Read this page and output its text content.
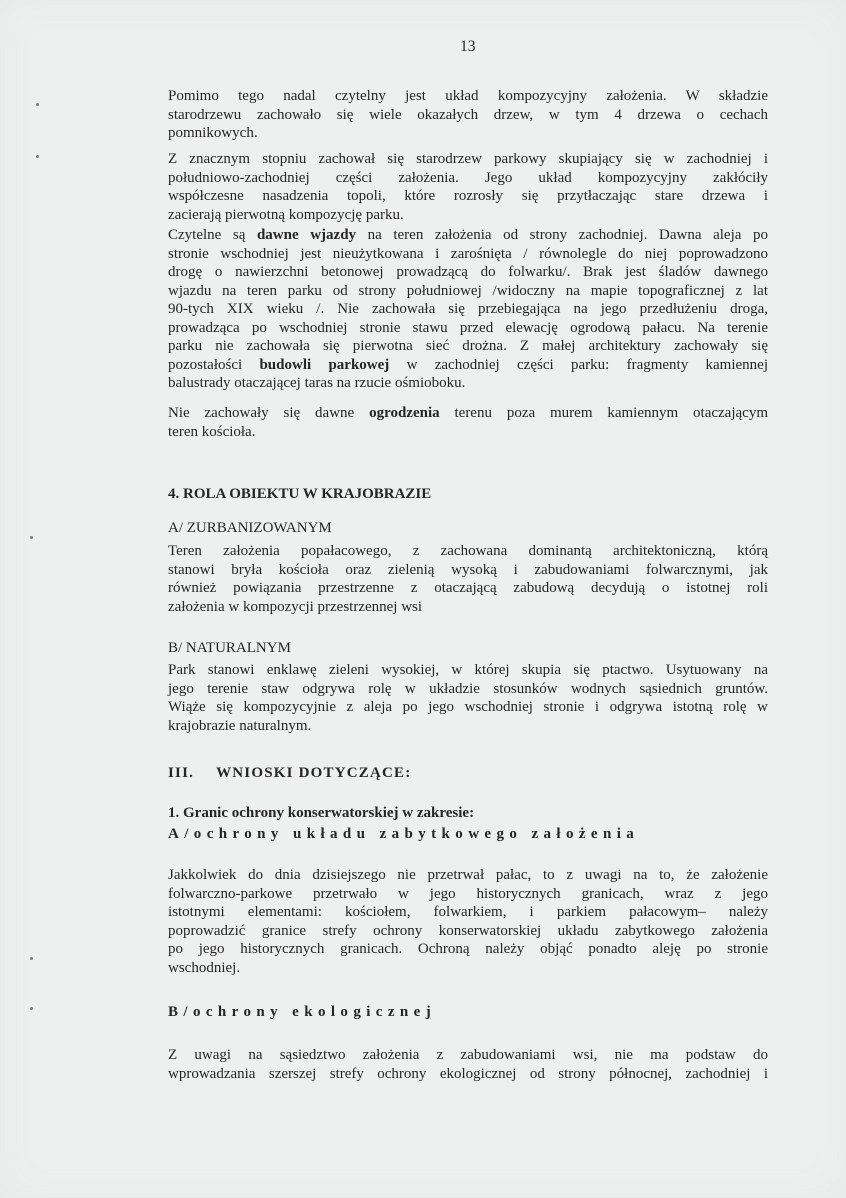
13
Pomimo tego nadal czytelny jest układ kompozycyjny założenia. W składzie
starodrzewu zachowało się wiele okazałych drzew, w tym 4 drzewa o cechach
pomnikowych.
Z znacznym stopniu zachował się starodrzew parkowy skupiający się w zachodniej i
południowo-zachodniej części założenia. Jego układ kompozycyjny zakłóciły
współczesne nasadzenia topoli, które rozrosły się przytłaczając stare drzewa i
zacierają pierwotną kompozycję parku.
Czytelne są dawne wjazdy na teren założenia od strony zachodniej. Dawna aleja po
stronie wschodniej jest nieużytkowana i zarośnięta / równolegle do niej poprowadzono
drogę o nawierzchni betonowej prowadzącą do folwarku/. Brak jest śladów dawnego
wjazdu na teren parku od strony południowej /widoczny na mapie topograficznej z lat
90-tych XIX wieku /. Nie zachowała się przebiegająca na jego przedłużeniu droga,
prowadząca po wschodniej stronie stawu przed elewację ogrodową pałacu. Na terenie
parku nie zachowała się pierwotna sieć drożna. Z małej architektury zachowały się
pozostałości budowli parkowej w zachodniej części parku: fragmenty kamiennej
balustrady otaczającej taras na rzucie ośmioboku.
Nie zachowały się dawne ogrodzenia terenu poza murem kamiennym otaczającym
teren kościoła.
4. ROLA OBIEKTU W KRAJOBRAZIE
A/ ZURBANIZOWANYM
Teren założenia popałacowego, z zachowana dominantą architektoniczną, którą
stanowi bryła kościoła oraz zielenią wysoką i zabudowaniami folwarcznymi, jak
również powiązania przestrzenne z otaczającą zabudową decydują o istotnej roli
założenia w kompozycji przestrzennej wsi
B/ NATURALNYM
Park stanowi enklawę zieleni wysokiej, w której skupia się ptactwo. Usytuowany na
jego terenie staw odgrywa rolę w układzie stosunków wodnych sąsiednich gruntów.
Wiąże się kompozycyjnie z aleja po jego wschodniej stronie i odgrywa istotną rolę w
krajobrazie naturalnym.
III. WNIOSKI DOTYCZĄCE:
1. Granic ochrony konserwatorskiej w zakresie:
A/ochrony układu zabytkowego założenia
Jakkolwiek do dnia dzisiejszego nie przetrwał pałac, to z uwagi na to, że założenie
folwarczno-parkowe przetrwało w jego historycznych granicach, wraz z jego
istotnymi elementami: kościołem, folwarkiem, i parkiem pałacowym– należy
poprowadzić granice strefy ochrony konserwatorskiej układu zabytkowego założenia
po jego historycznych granicach. Ochroną należy objąć ponadto aleję po stronie
wschodniej.
B/ochrony ekologicznej
Z uwagi na sąsiedztwo założenia z zabudowaniami wsi, nie ma podstaw do
wprowadzania szerszej strefy ochrony ekologicznej od strony północnej, zachodniej i
